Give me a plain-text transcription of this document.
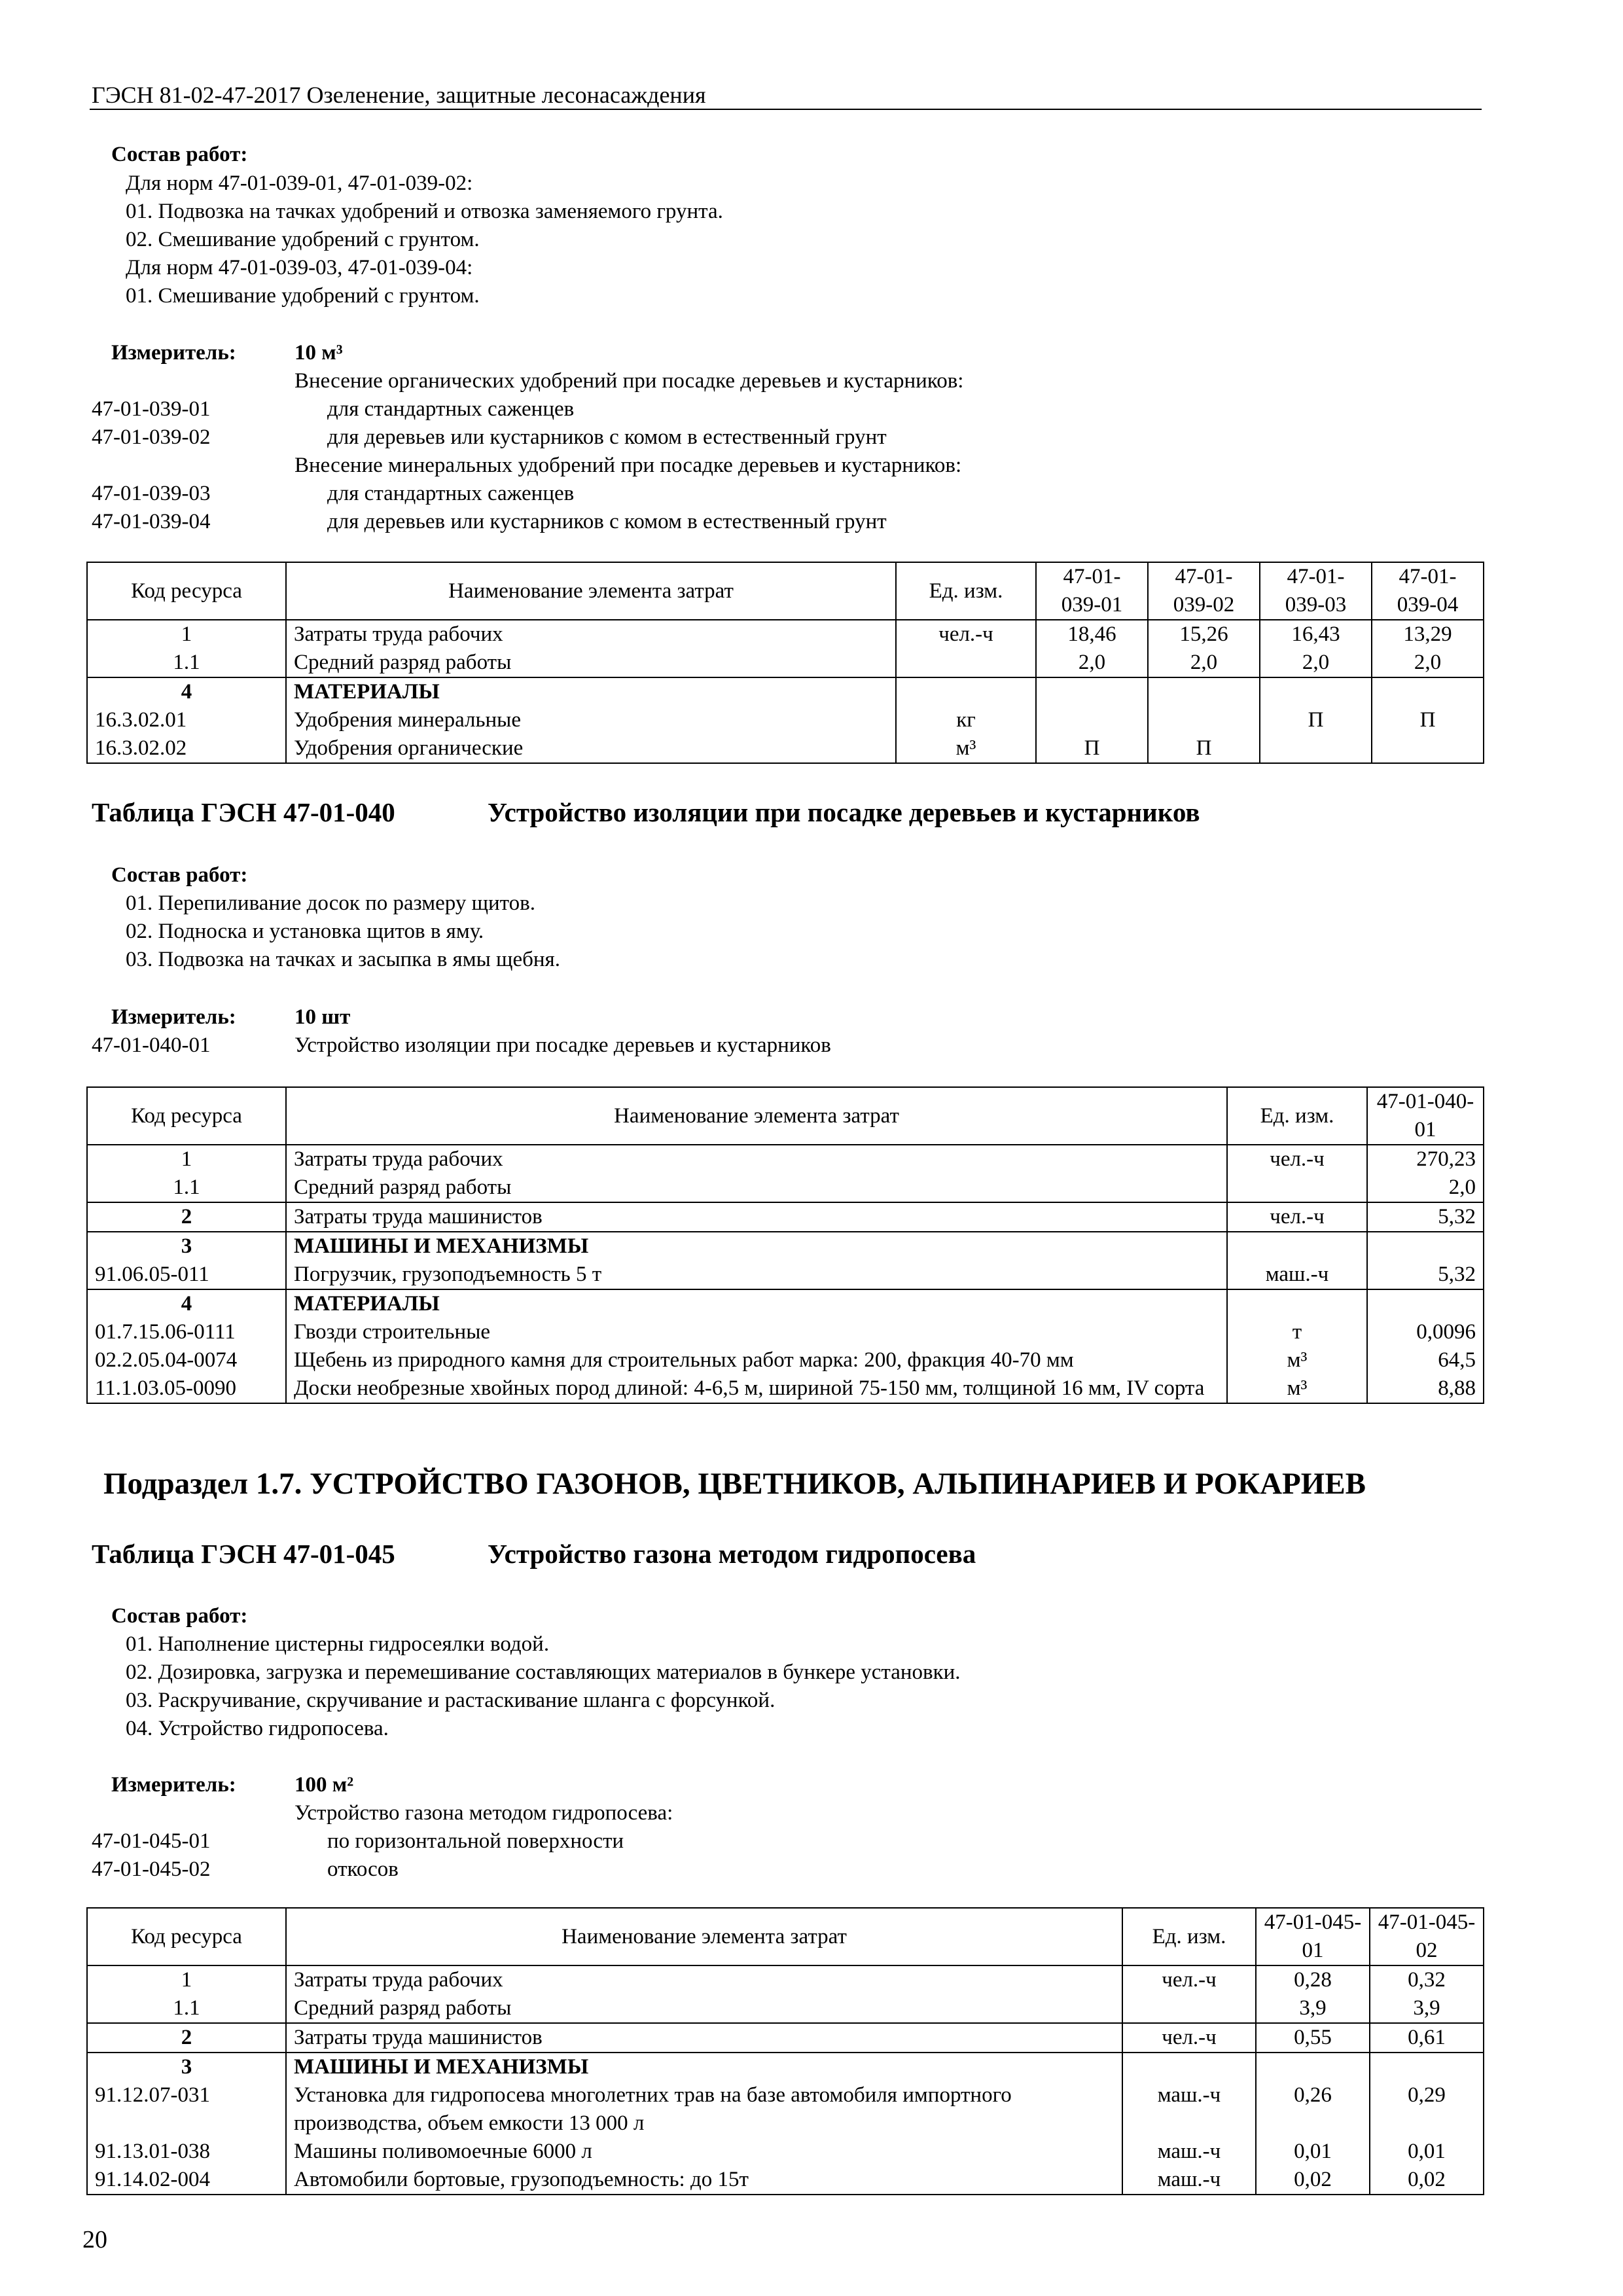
ГЭСН 81-02-47-2017 Озеленение, защитные лесонасаждения
Состав работ:
Для норм 47-01-039-01, 47-01-039-02:
01. Подвозка на тачках удобрений и отвозка заменяемого грунта.
02. Смешивание удобрений с грунтом.
Для норм 47-01-039-03, 47-01-039-04:
01. Смешивание удобрений с грунтом.
Измеритель:	10 м³
Внесение органических удобрений при посадке деревьев и кустарников:
47-01-039-01	для стандартных саженцев
47-01-039-02	для деревьев или кустарников с комом в естественный грунт
Внесение минеральных удобрений при посадке деревьев и кустарников:
47-01-039-03	для стандартных саженцев
47-01-039-04	для деревьев или кустарников с комом в естественный грунт
Код ресурса	Наименование элемента затрат	Ед. изм.	47-01-039-01	47-01-039-02	47-01-039-03	47-01-039-04
1	Затраты труда рабочих	чел.-ч	18,46	15,26	16,43	13,29
1.1	Средний разряд работы		2,0	2,0	2,0	2,0
4	МАТЕРИАЛЫ					
16.3.02.01	Удобрения минеральные	кг			П	П
16.3.02.02	Удобрения органические	м³	П	П		
Таблица ГЭСН 47-01-040	Устройство изоляции при посадке деревьев и кустарников
Состав работ:
01. Перепиливание досок по размеру щитов.
02. Подноска и установка щитов в яму.
03. Подвозка на тачках и засыпка в ямы щебня.
Измеритель:	10 шт
47-01-040-01	Устройство изоляции при посадке деревьев и кустарников
Код ресурса	Наименование элемента затрат	Ед. изм.	47-01-040-01
1	Затраты труда рабочих	чел.-ч	270,23
1.1	Средний разряд работы		2,0
2	Затраты труда машинистов	чел.-ч	5,32
3	МАШИНЫ И МЕХАНИЗМЫ		
91.06.05-011	Погрузчик, грузоподъемность 5 т	маш.-ч	5,32
4	МАТЕРИАЛЫ		
01.7.15.06-0111	Гвозди строительные	т	0,0096
02.2.05.04-0074	Щебень из природного камня для строительных работ марка: 200, фракция 40-70 мм	м³	64,5
11.1.03.05-0090	Доски необрезные хвойных пород длиной: 4-6,5 м, шириной 75-150 мм, толщиной 16 мм, IV сорта	м³	8,88
Подраздел 1.7. УСТРОЙСТВО ГАЗОНОВ, ЦВЕТНИКОВ, АЛЬПИНАРИЕВ И РОКАРИЕВ
Таблица ГЭСН 47-01-045	Устройство газона методом гидропосева
Состав работ:
01. Наполнение цистерны гидросеялки водой.
02. Дозировка, загрузка и перемешивание составляющих материалов в бункере установки.
03. Раскручивание, скручивание и растаскивание шланга с форсункой.
04. Устройство гидропосева.
Измеритель:	100 м²
Устройство газона методом гидропосева:
47-01-045-01	по горизонтальной поверхности
47-01-045-02	откосов
Код ресурса	Наименование элемента затрат	Ед. изм.	47-01-045-01	47-01-045-02
1	Затраты труда рабочих	чел.-ч	0,28	0,32
1.1	Средний разряд работы		3,9	3,9
2	Затраты труда машинистов	чел.-ч	0,55	0,61
3	МАШИНЫ И МЕХАНИЗМЫ			
91.12.07-031	Установка для гидропосева многолетних трав на базе автомобиля импортного производства, объем емкости 13 000 л	маш.-ч	0,26	0,29
91.13.01-038	Машины поливомоечные 6000 л	маш.-ч	0,01	0,01
91.14.02-004	Автомобили бортовые, грузоподъемность: до 15т	маш.-ч	0,02	0,02
20
